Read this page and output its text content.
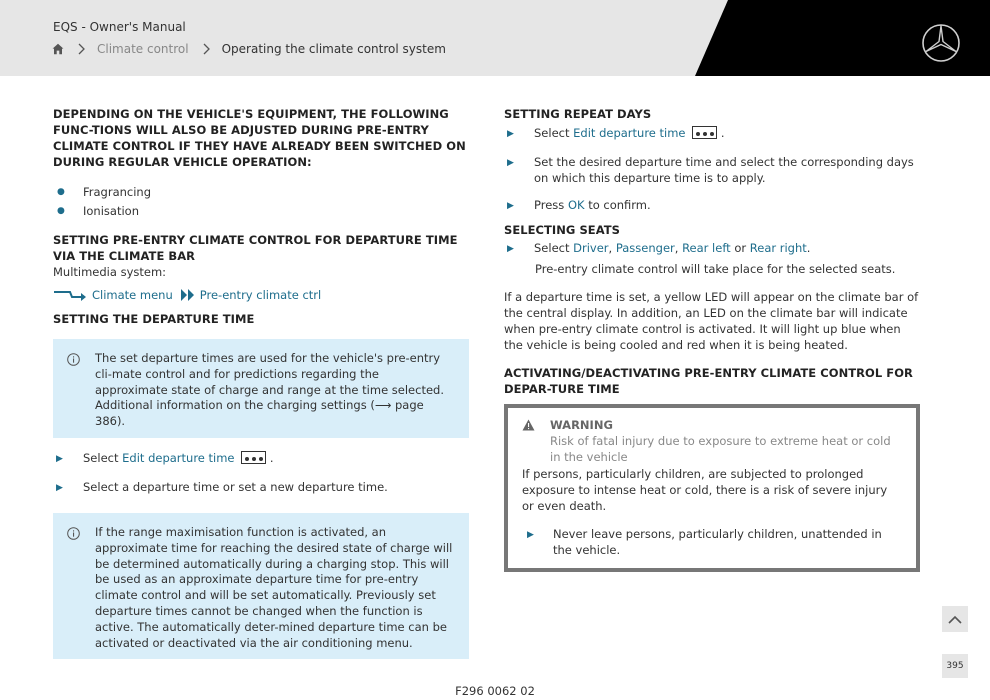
EQS - Owner's Manual
Climate control	Operating the climate control system
DEPENDING ON THE VEHICLE'S EQUIPMENT, THE FOLLOWING FUNC-TIONS WILL ALSO BE ADJUSTED DURING PRE-ENTRY CLIMATE CONTROL IF THEY HAVE ALREADY BEEN SWITCHED ON DURING REGULAR VEHICLE OPERATION:
●	Fragrancing
●	Ionisation
SETTING PRE-ENTRY CLIMATE CONTROL FOR DEPARTURE TIME VIA THE CLIMATE BAR
Multimedia system:
Climate menu Pre-entry climate ctrl
SETTING THE DEPARTURE TIME
The set departure times are used for the vehicle's pre-entry cli-mate control and for predictions regarding the approximate state of charge and range at the time selected. Additional information on the charging settings (⟶ page 386).
▶	Select Edit departure time	.
▶	Select a departure time or set a new departure time.
If the range maximisation function is activated, an approximate time for reaching the desired state of charge will be determined automatically during a charging stop. This will be used as an approximate departure time for pre-entry climate control and will be set automatically. Previously set departure times cannot be changed when the function is active. The automatically deter-mined departure time can be activated or deactivated via the air conditioning menu.
SETTING REPEAT DAYS
▶	Select Edit departure time	.
▶	Set the desired departure time and select the corresponding days on which this departure time is to apply.
▶	Press OK to confirm.
SELECTING SEATS
▶	Select Driver, Passenger, Rear left or Rear right.
Pre-entry climate control will take place for the selected seats.
If a departure time is set, a yellow LED will appear on the climate bar of the central display. In addition, an LED on the climate bar will indicate when pre-entry climate control is activated. It will light up blue when the vehicle is being cooled and red when it is being heated.
ACTIVATING/DEACTIVATING PRE-ENTRY CLIMATE CONTROL FOR DEPAR-TURE TIME
WARNING
Risk of fatal injury due to exposure to extreme heat or cold in the vehicle
If persons, particularly children, are subjected to prolonged exposure to intense heat or cold, there is a risk of severe injury or even death.
▶	Never leave persons, particularly children, unattended in the vehicle.
395
F296 0062 02
